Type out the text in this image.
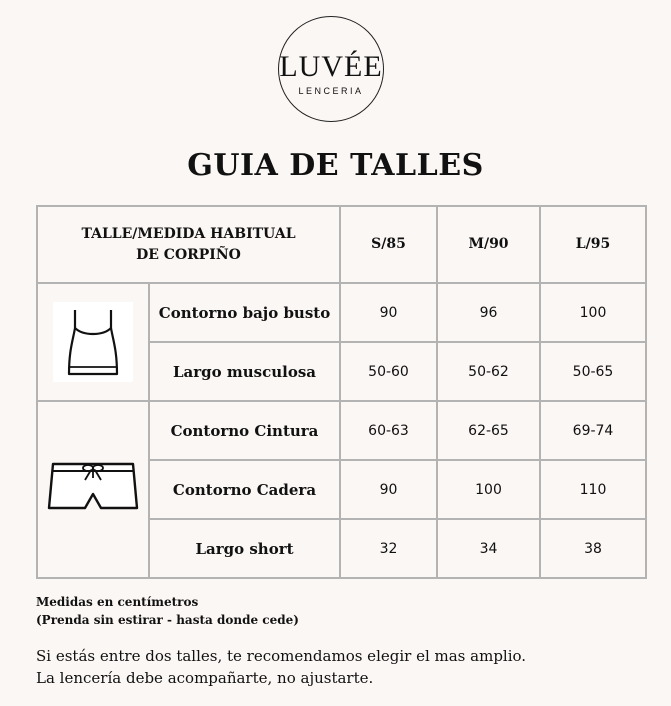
LUVÉE
LENCERIA
GUIA DE TALLES
TALLE/MEDIDA HABITUAL DE CORPIÑO		S/85	M/90	L/95

	Contorno bajo busto	90	96	100
	Largo musculosa	50-60	50-62	50-65

	Contorno Cintura	60-63	62-65	69-74
	Contorno Cadera	90	100	110
	Largo short	32	34	38
Medidas en centímetros
(Prenda sin estirar - hasta donde cede)
Si estás entre dos talles, te recomendamos elegir el mas amplio.
La lencería debe acompañarte, no ajustarte.
